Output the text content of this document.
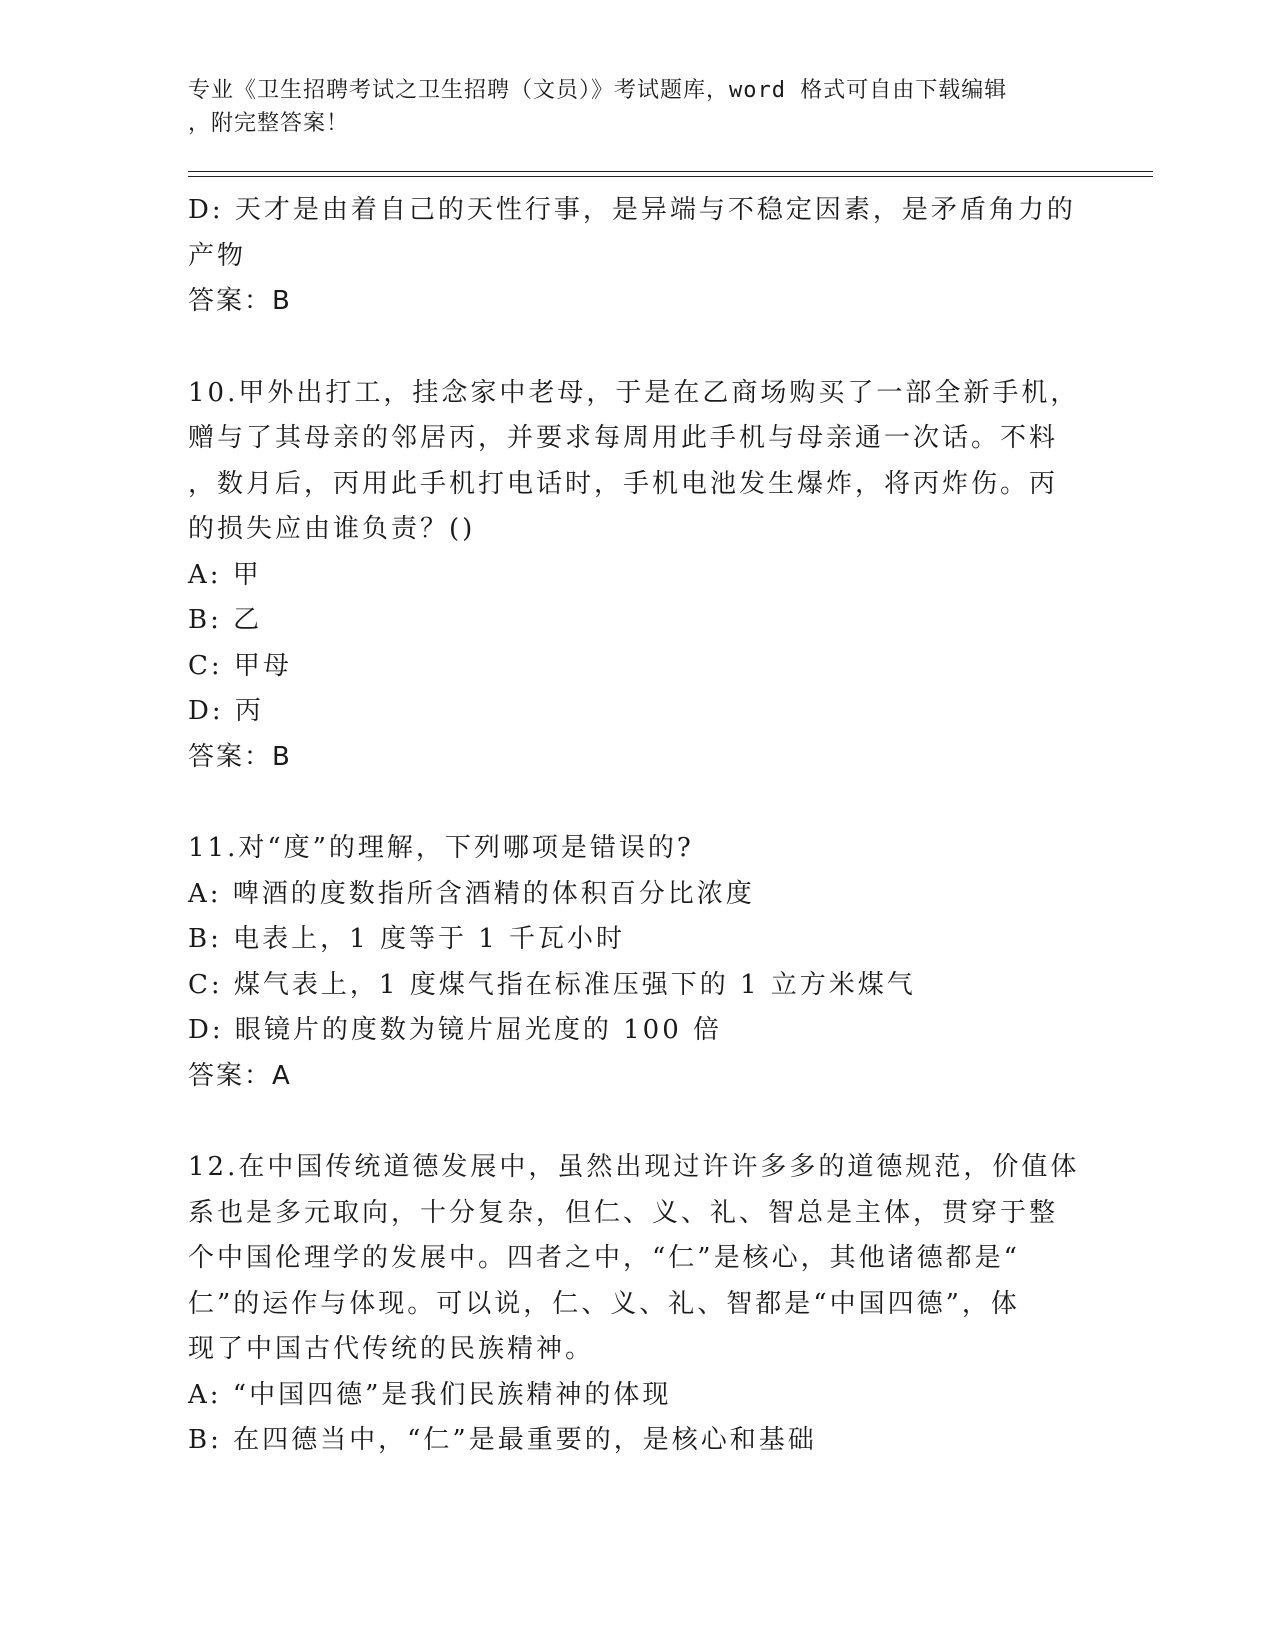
专业《卫生招聘考试之卫生招聘（文员）》考试题库，word 格式可自由下载编辑
，附完整答案！
D: 天才是由着自己的天性行事，是异端与不稳定因素，是矛盾角力的
产物
答案：B
10.甲外出打工，挂念家中老母，于是在乙商场购买了一部全新手机，
赠与了其母亲的邻居丙，并要求每周用此手机与母亲通一次话。不料
，数月后，丙用此手机打电话时，手机电池发生爆炸，将丙炸伤。丙
的损失应由谁负责？()
A: 甲
B: 乙
C: 甲母
D: 丙
答案：B
11.对“度”的理解，下列哪项是错误的?
A: 啤酒的度数指所含酒精的体积百分比浓度
B: 电表上，1 度等于 1 千瓦小时
C: 煤气表上，1 度煤气指在标准压强下的 1 立方米煤气
D: 眼镜片的度数为镜片屈光度的 100 倍
答案：A
12.在中国传统道德发展中，虽然出现过许许多多的道德规范，价值体
系也是多元取向，十分复杂，但仁、义、礼、智总是主体，贯穿于整
个中国伦理学的发展中。四者之中，“仁”是核心，其他诸德都是“
仁”的运作与体现。可以说，仁、义、礼、智都是“中国四德”，体
现了中国古代传统的民族精神。
A: “中国四德”是我们民族精神的体现
B: 在四德当中，“仁”是最重要的，是核心和基础
